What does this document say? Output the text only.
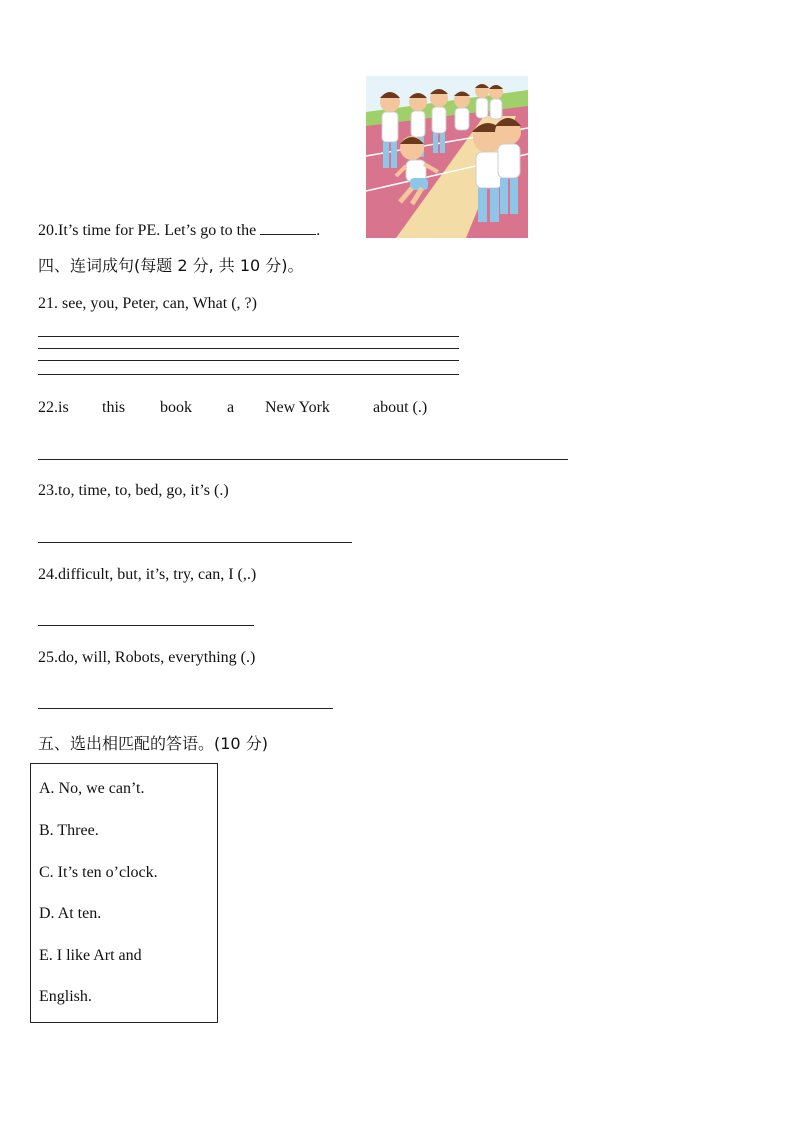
20.It’s time for PE. Let’s go to the	.
四、连词成句(每题 2 分, 共 10 分)。
21. see, you, Peter, can, What (, ?)
22.is this book a New York	about (.)
23.to, time, to, bed, go, it’s (.)
24.difficult, but, it’s, try, can, I (,.)
25.do, will, Robots, everything (.)
五、选出相匹配的答语。(10 分)
A. No, we can’t.
B. Three.
C. It’s ten o’clock.
D. At ten.
E. I like Art and
English.
